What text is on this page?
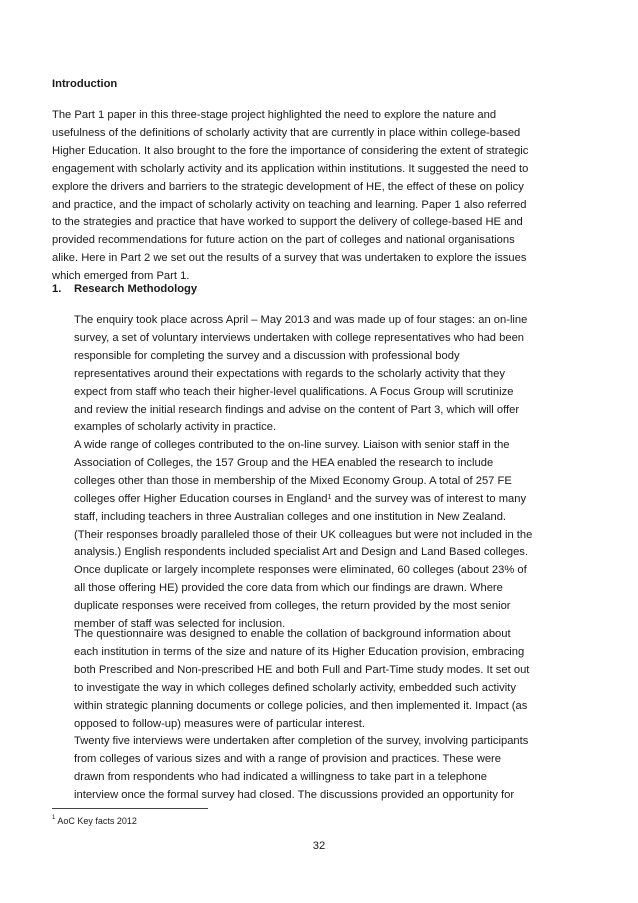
Introduction
The Part 1 paper in this three-stage project highlighted the need to explore the nature and
usefulness of the definitions of scholarly activity that are currently in place within college-based
Higher Education. It also brought to the fore the importance of considering the extent of strategic
engagement with scholarly activity and its application within institutions. It suggested the need to
explore the drivers and barriers to the strategic development of HE, the effect of these on policy
and practice, and the impact of scholarly activity on teaching and learning. Paper 1 also referred
to the strategies and practice that have worked to support the delivery of college-based HE and
provided recommendations for future action on the part of colleges and national organisations
alike. Here in Part 2 we set out the results of a survey that was undertaken to explore the issues
which emerged from Part 1.
1. Research Methodology
The enquiry took place across April – May 2013 and was made up of four stages: an on-line
survey, a set of voluntary interviews undertaken with college representatives who had been
responsible for completing the survey and a discussion with professional body
representatives around their expectations with regards to the scholarly activity that they
expect from staff who teach their higher-level qualifications. A Focus Group will scrutinize
and review the initial research findings and advise on the content of Part 3, which will offer
examples of scholarly activity in practice.
A wide range of colleges contributed to the on-line survey. Liaison with senior staff in the
Association of Colleges, the 157 Group and the HEA enabled the research to include
colleges other than those in membership of the Mixed Economy Group. A total of 257 FE
colleges offer Higher Education courses in England$^1$ and the survey was of interest to many
staff, including teachers in three Australian colleges and one institution in New Zealand.
(Their responses broadly paralleled those of their UK colleagues but were not included in the
analysis.) English respondents included specialist Art and Design and Land Based colleges.
Once duplicate or largely incomplete responses were eliminated, 60 colleges (about 23% of
all those offering HE) provided the core data from which our findings are drawn. Where
duplicate responses were received from colleges, the return provided by the most senior
member of staff was selected for inclusion.
The questionnaire was designed to enable the collation of background information about
each institution in terms of the size and nature of its Higher Education provision, embracing
both Prescribed and Non-prescribed HE and both Full and Part-Time study modes. It set out
to investigate the way in which colleges defined scholarly activity, embedded such activity
within strategic planning documents or college policies, and then implemented it. Impact (as
opposed to follow-up) measures were of particular interest.
Twenty five interviews were undertaken after completion of the survey, involving participants
from colleges of various sizes and with a range of provision and practices. These were
drawn from respondents who had indicated a willingness to take part in a telephone
interview once the formal survey had closed. The discussions provided an opportunity for
$^1$ AoC Key facts 2012
32
